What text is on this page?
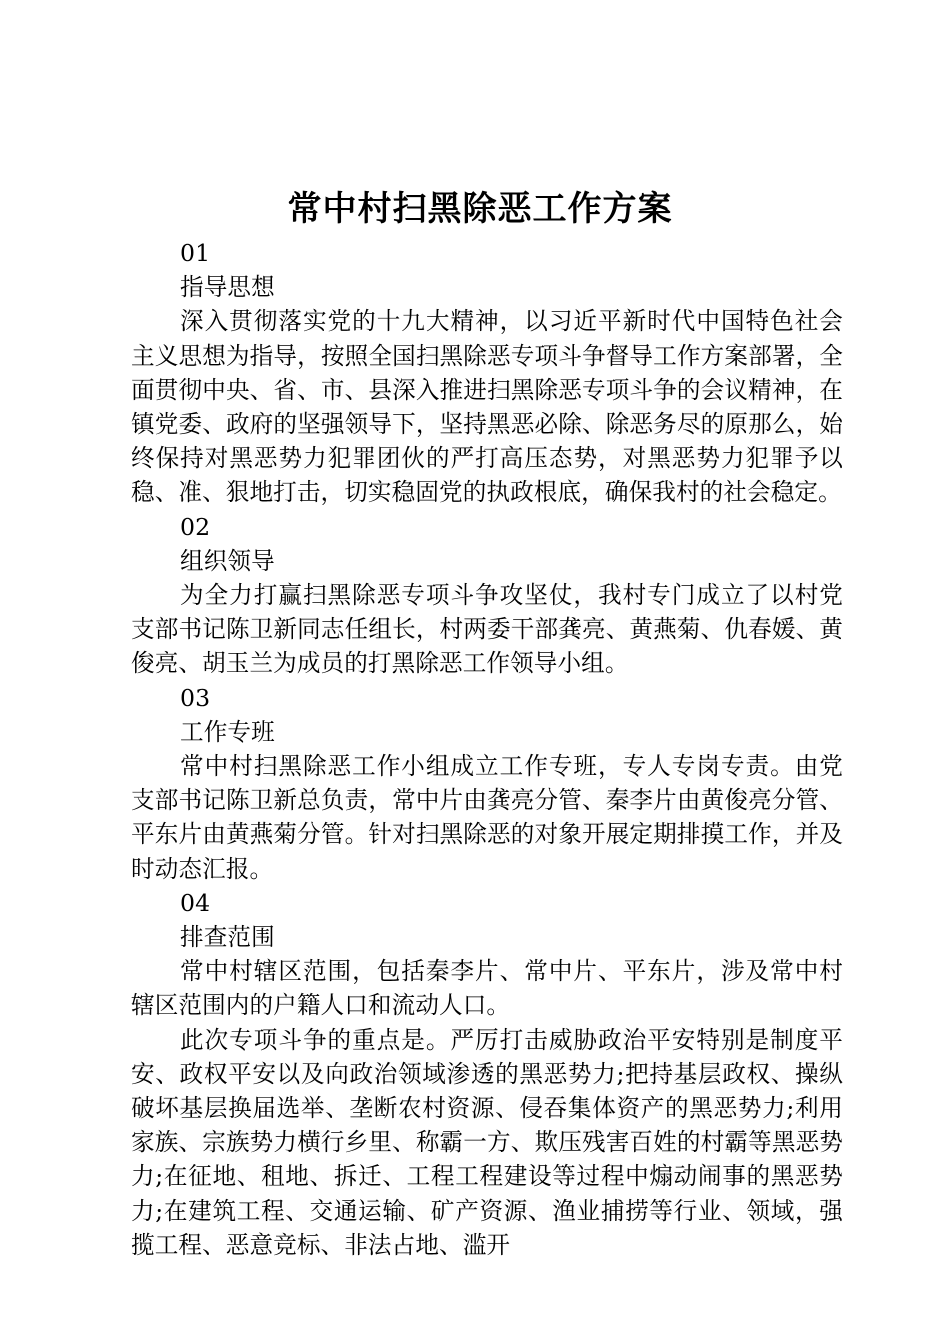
常中村扫黑除恶工作方案

01

指导思想

深入贯彻落实党的十九大精神，以习近平新时代中国特色社会主义思想为指导，按照全国扫黑除恶专项斗争督导工作方案部署，全面贯彻中央、省、市、县深入推进扫黑除恶专项斗争的会议精神，在镇党委、政府的坚强领导下，坚持黑恶必除、除恶务尽的原那么，始终保持对黑恶势力犯罪团伙的严打高压态势，对黑恶势力犯罪予以稳、准、狠地打击，切实稳固党的执政根底，确保我村的社会稳定。

02

组织领导

为全力打赢扫黑除恶专项斗争攻坚仗，我村专门成立了以村党支部书记陈卫新同志任组长，村两委干部龚亮、黄燕菊、仇春媛、黄俊亮、胡玉兰为成员的打黑除恶工作领导小组。

03

工作专班

常中村扫黑除恶工作小组成立工作专班，专人专岗专责。由党支部书记陈卫新总负责，常中片由龚亮分管、秦李片由黄俊亮分管、平东片由黄燕菊分管。针对扫黑除恶的对象开展定期排摸工作，并及时动态汇报。

04

排查范围

常中村辖区范围，包括秦李片、常中片、平东片，涉及常中村辖区范围内的户籍人口和流动人口。

此次专项斗争的重点是。严厉打击威胁政治平安特别是制度平安、政权平安以及向政治领域渗透的黑恶势力;把持基层政权、操纵破坏基层换届选举、垄断农村资源、侵吞集体资产的黑恶势力;利用家族、宗族势力横行乡里、称霸一方、欺压残害百姓的村霸等黑恶势力;在征地、租地、拆迁、工程工程建设等过程中煽动闹事的黑恶势力;在建筑工程、交通运输、矿产资源、渔业捕捞等行业、领域，强揽工程、恶意竞标、非法占地、滥开
